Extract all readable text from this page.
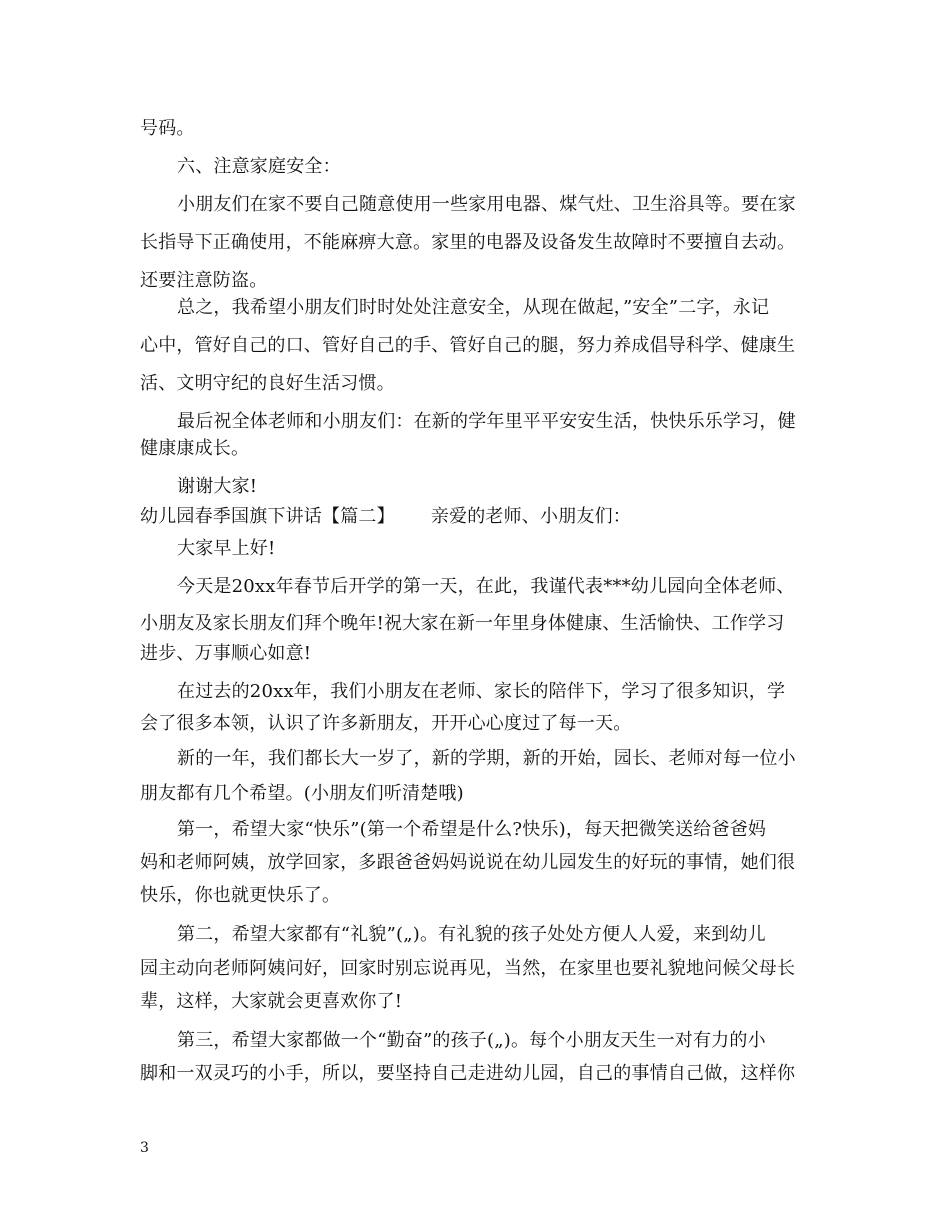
号码。
六、注意家庭安全：
小朋友们在家不要自己随意使用一些家用电器、煤气灶、卫生浴具等。要在家
长指导下正确使用，不能麻痹大意。家里的电器及设备发生故障时不要擅自去动。
还要注意防盗。
总之，我希望小朋友们时时处处注意安全，从现在做起，”安全”二字，永记
心中，管好自己的口、管好自己的手、管好自己的腿，努力养成倡导科学、健康生
活、文明守纪的良好生活习惯。
最后祝全体老师和小朋友们：在新的学年里平平安安生活，快快乐乐学习，健
健康康成长。
谢谢大家!
幼儿园春季国旗下讲话【篇二】 亲爱的老师、小朋友们：
大家早上好!
今天是20xx年春节后开学的第一天，在此，我谨代表***幼儿园向全体老师、
小朋友及家长朋友们拜个晚年!祝大家在新一年里身体健康、生活愉快、工作学习
进步、万事顺心如意!
在过去的20xx年，我们小朋友在老师、家长的陪伴下，学习了很多知识，学
会了很多本领，认识了许多新朋友，开开心心度过了每一天。
新的一年，我们都长大一岁了，新的学期，新的开始，园长、老师对每一位小
朋友都有几个希望。(小朋友们听清楚哦)
第一，希望大家“快乐”(第一个希望是什么?快乐)，每天把微笑送给爸爸妈
妈和老师阿姨，放学回家，多跟爸爸妈妈说说在幼儿园发生的好玩的事情，她们很
快乐，你也就更快乐了。
第二，希望大家都有“礼貌”(„)。有礼貌的孩子处处方便人人爱，来到幼儿
园主动向老师阿姨问好，回家时别忘说再见，当然，在家里也要礼貌地问候父母长
辈，这样，大家就会更喜欢你了!
第三，希望大家都做一个“勤奋”的孩子(„)。每个小朋友天生一对有力的小
脚和一双灵巧的小手，所以，要坚持自己走进幼儿园，自己的事情自己做，这样你
3
